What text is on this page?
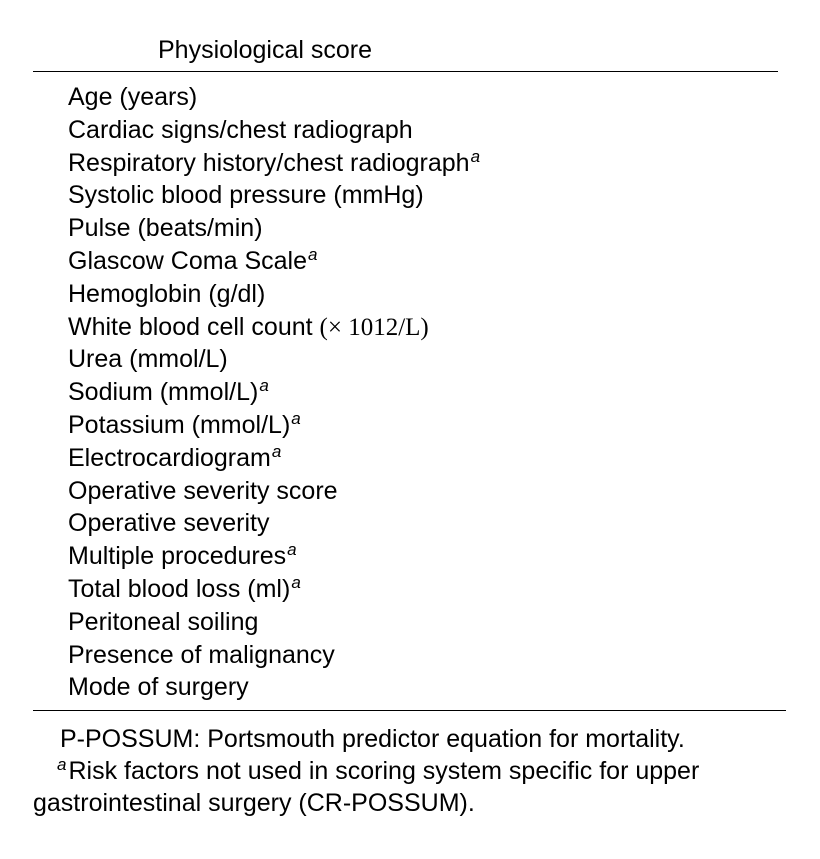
Physiological score
Age (years)
Cardiac signs/chest radiograph
Respiratory history/chest radiograph$^a$
Systolic blood pressure (mmHg)
Pulse (beats/min)
Glascow Coma Scale$^a$
Hemoglobin (g/dl)
White blood cell count (× 1012/L)
Urea (mmol/L)
Sodium (mmol/L)$^a$
Potassium (mmol/L)$^a$
Electrocardiogram$^a$
Operative severity score
Operative severity
Multiple procedures$^a$
Total blood loss (ml)$^a$
Peritoneal soiling
Presence of malignancy
Mode of surgery
P-POSSUM: Portsmouth predictor equation for mortality.
$^a$Risk factors not used in scoring system specific for upper
gastrointestinal surgery (CR-POSSUM).
